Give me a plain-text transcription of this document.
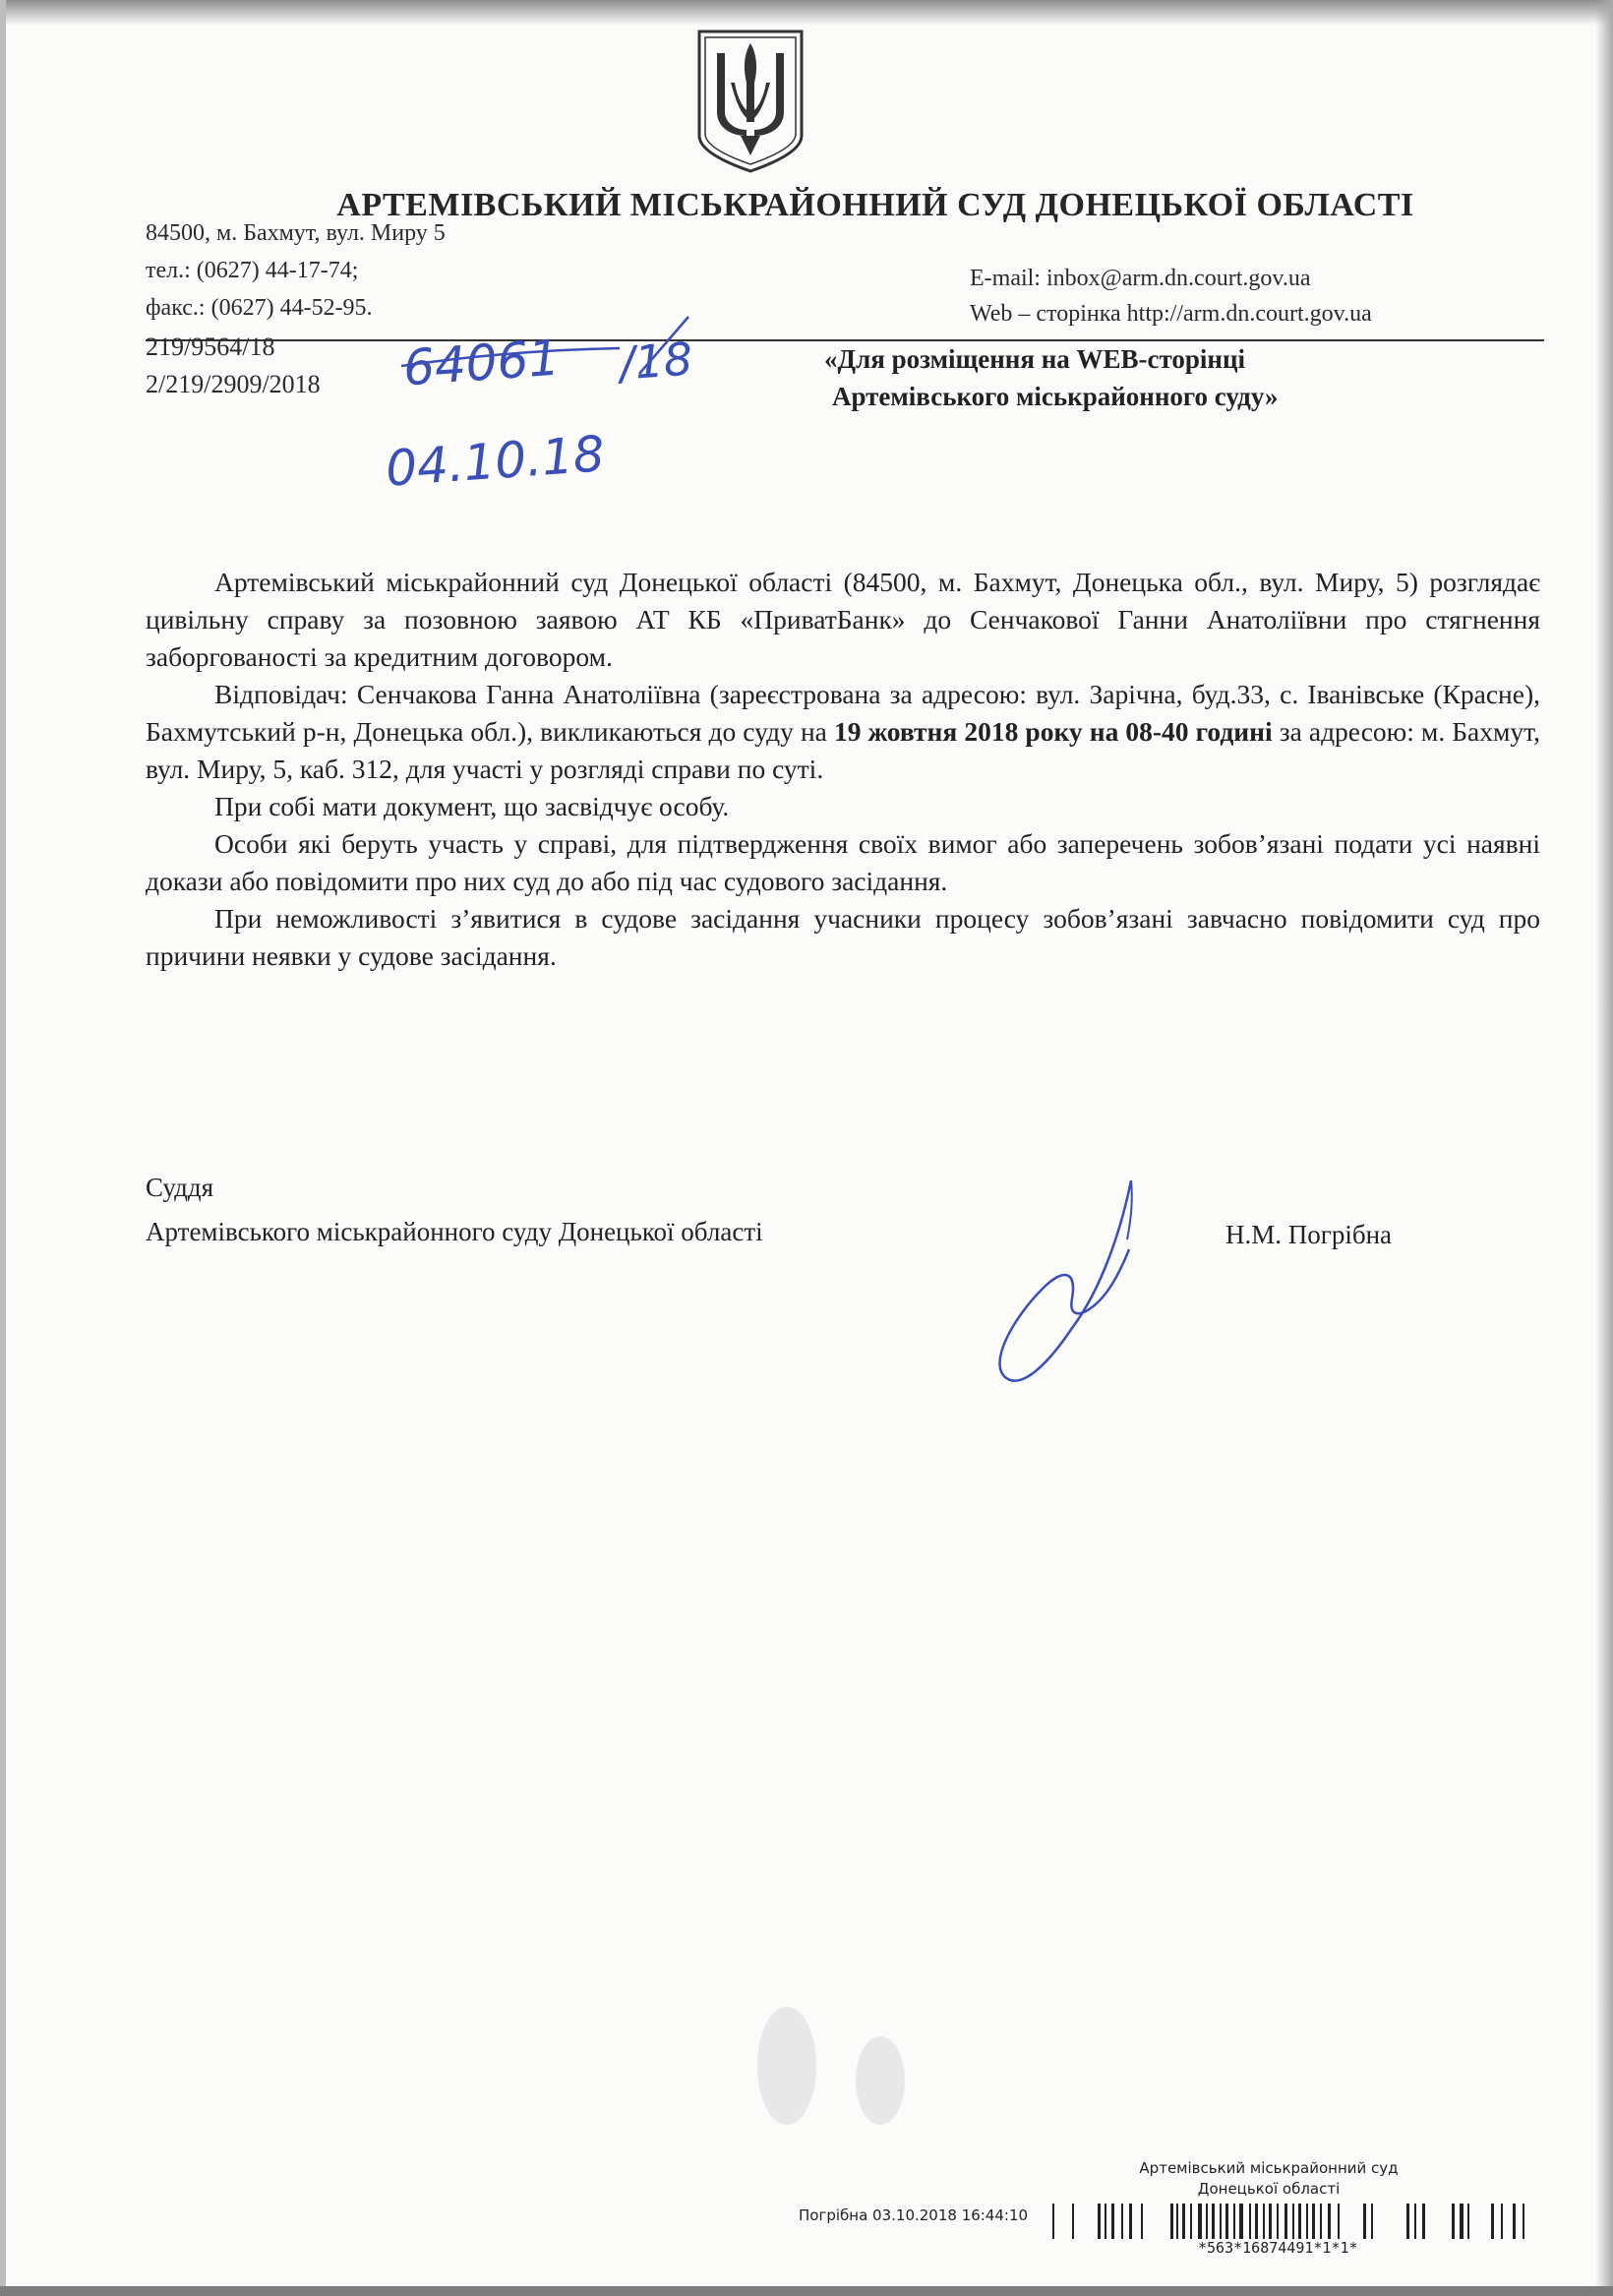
АРТЕМІВСЬКИЙ МІСЬКРАЙОННИЙ СУД ДОНЕЦЬКОЇ ОБЛАСТІ
84500, м. Бахмут, вул. Миру 5
тел.: (0627) 44-17-74;
факс.: (0627) 44-52-95.
E-mail: inbox@arm.dn.court.gov.ua
Web – сторінка http://arm.dn.court.gov.ua
219/9564/18
2/219/2909/2018
«Для розміщення на WEB-сторінці
Артемівського міськрайонного суду»
64061 /18
04.10.18

Артемівський міськрайонний суд Донецької області (84500, м. Бахмут, Донецька обл., вул. Миру, 5) розглядає цивільну справу за позовною заявою АТ КБ «ПриватБанк» до Сенчакової Ганни Анатоліївни про стягнення заборгованості за кредитним договором.

Відповідач: Сенчакова Ганна Анатоліївна (зареєстрована за адресою: вул. Зарічна, буд.33, с. Іванівське (Красне), Бахмутський р-н, Донецька обл.), викликаються до суду на 19 жовтня 2018 року на 08-40 годині за адресою: м. Бахмут, вул. Миру, 5, каб. 312, для участі у розгляді справи по суті.

При собі мати документ, що засвідчує особу.

Особи які беруть участь у справі, для підтвердження своїх вимог або заперечень зобов’язані подати усі наявні докази або повідомити про них суд до або під час судового засідання.

При неможливості з’явитися в судове засідання учасники процесу зобов’язані завчасно повідомити суд про причини неявки у судове засідання.

Суддя
Артемівського міськрайонного суду Донецької області	Н.М. Погрібна
Артемівський міськрайонний суд
Донецької області
Погрібна 03.10.2018 16:44:10
*563*16874491*1*1*
